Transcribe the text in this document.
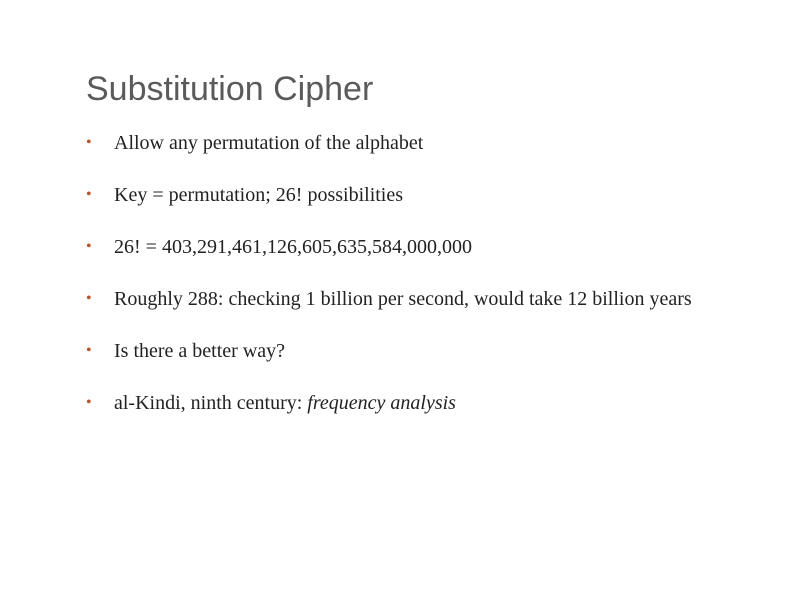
Substitution Cipher
•	Allow any permutation of the alphabet
•	Key = permutation; 26! possibilities
•	26! = 403,291,461,126,605,635,584,000,000
•	Roughly 288: checking 1 billion per second, would take 12 billion years
•	Is there a better way?
•	al-Kindi, ninth century: frequency analysis
